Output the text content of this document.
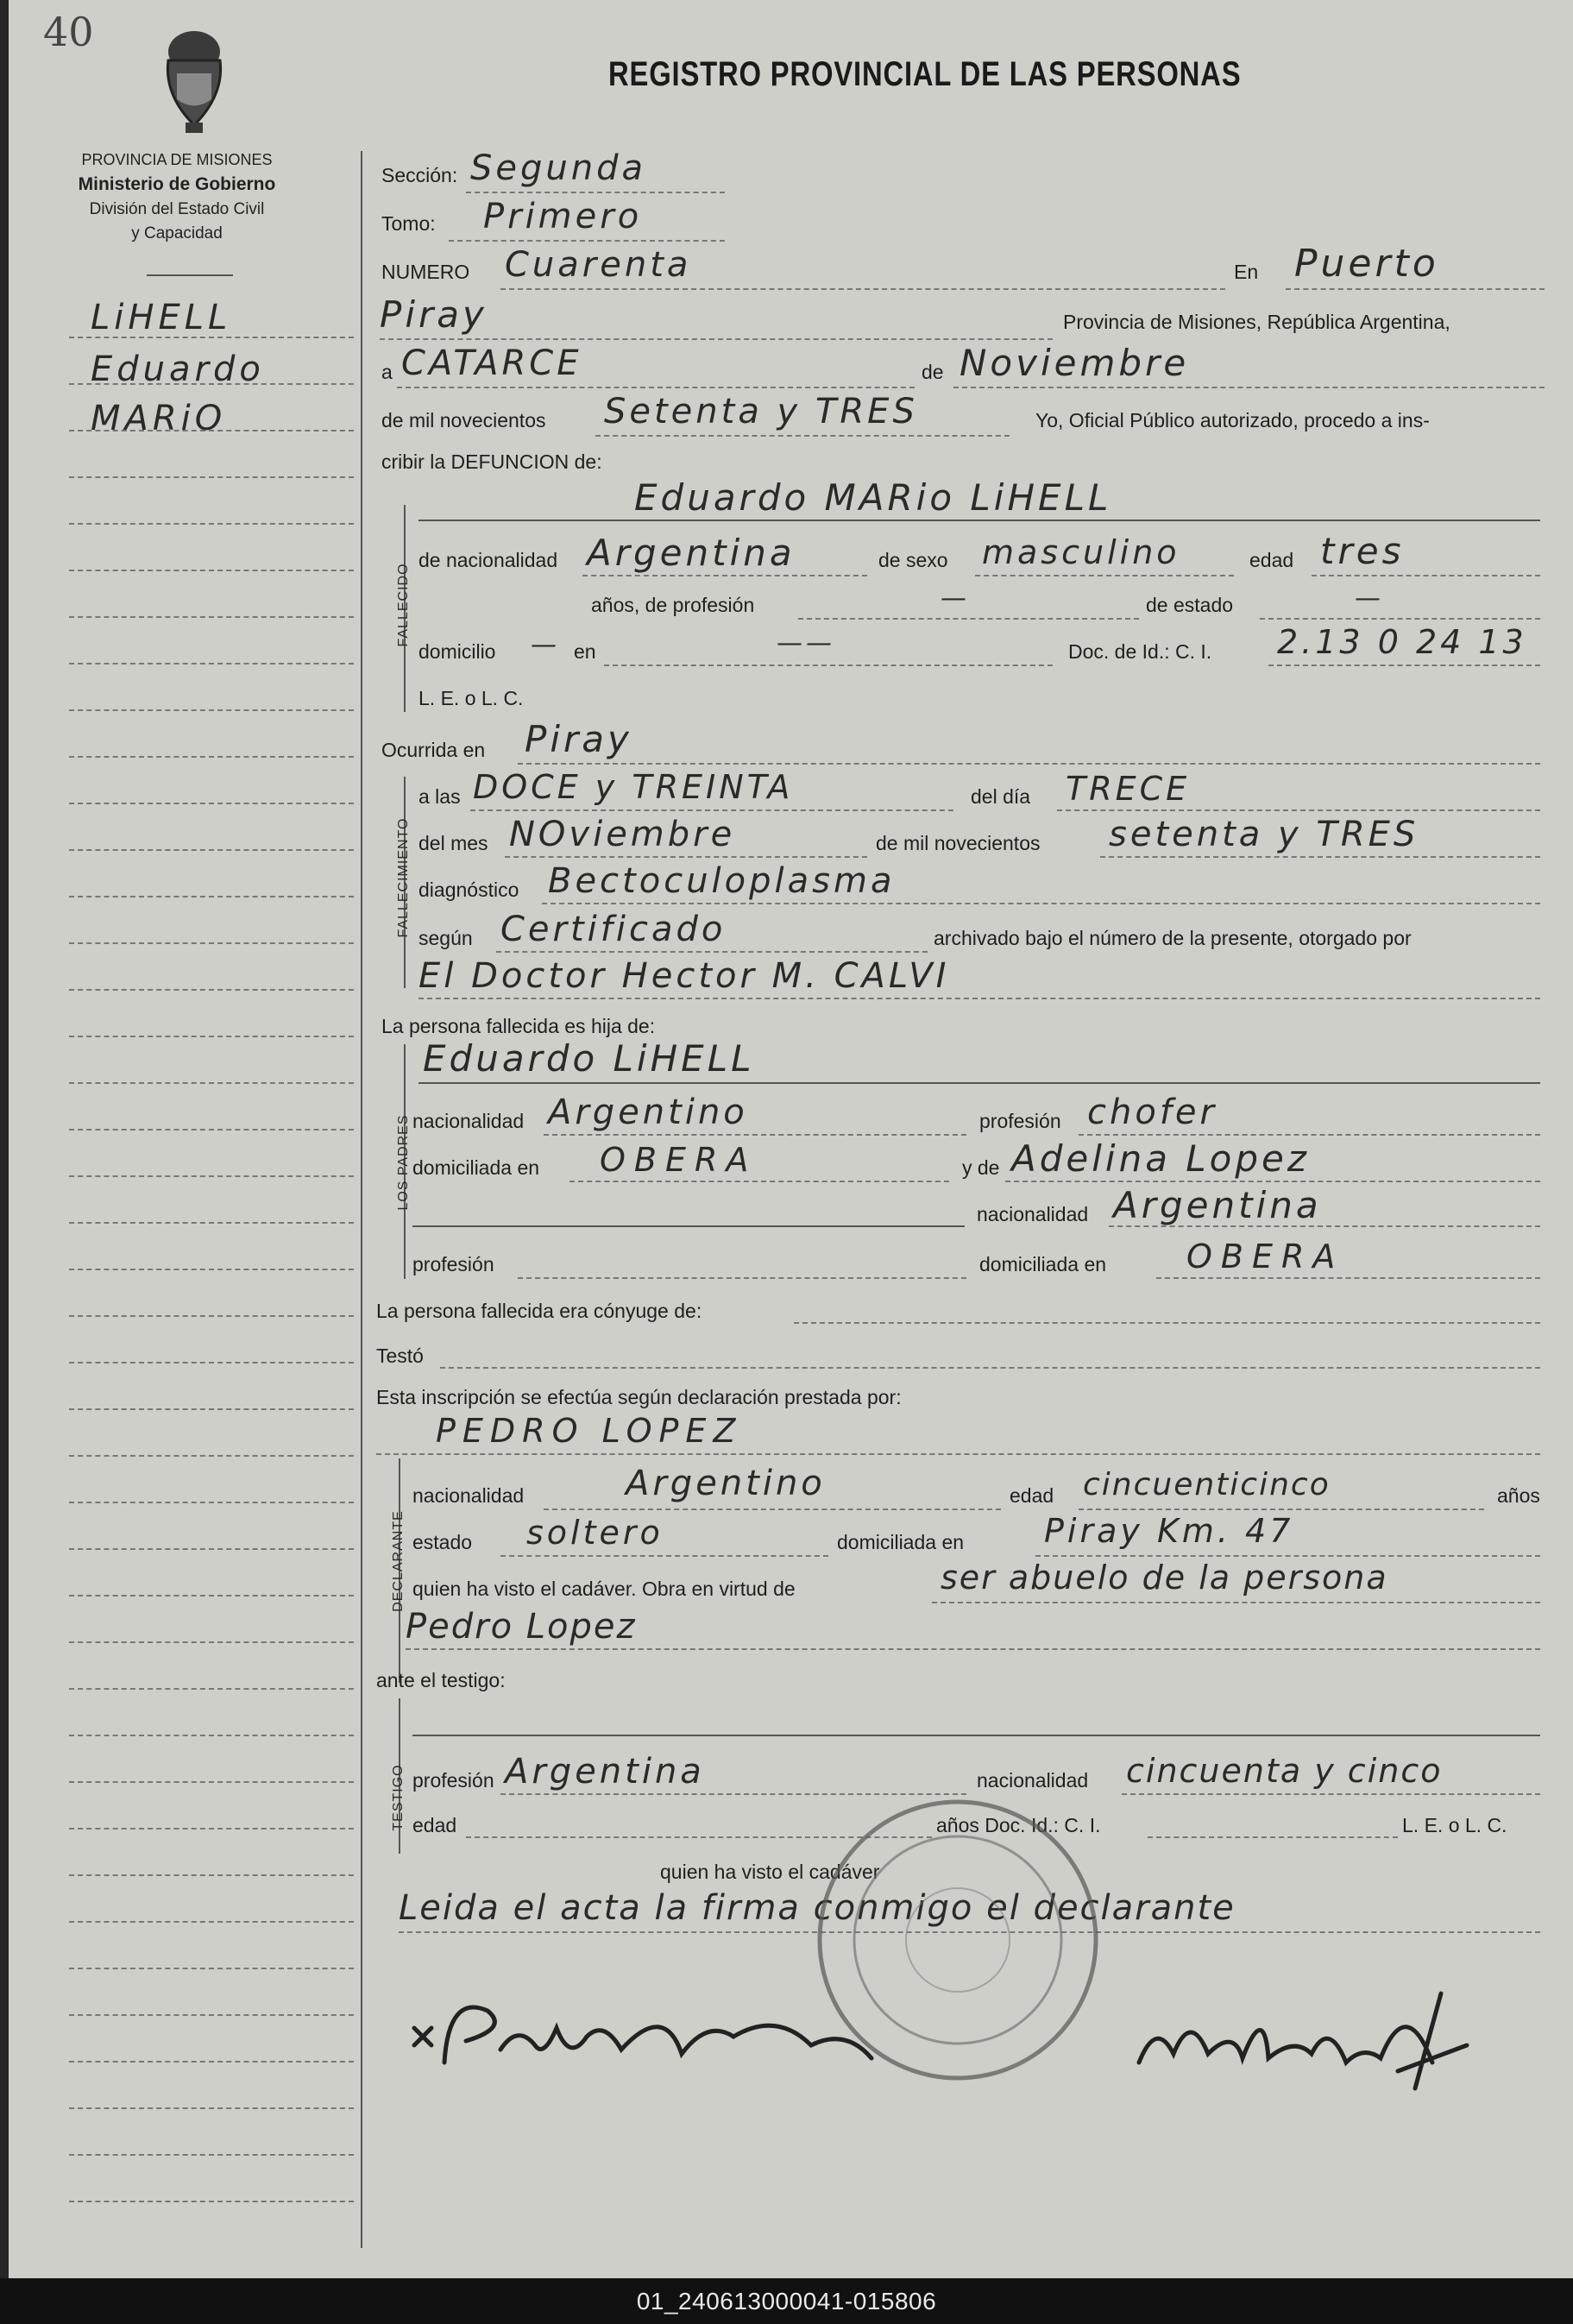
40
PROVINCIA DE MISIONES
Ministerio de Gobierno
División del Estado Civil
y Capacidad
REGISTRO PROVINCIAL DE LAS PERSONAS
LiHELL
Eduardo
MARiO
Sección: Segunda
Tomo: Primero
NUMERO Cuarenta	En Puerto
Piray	Provincia de Misiones, República Argentina,
a CATARCE	de Noviembre
de mil novecientos Setenta y TRES	Yo, Oficial Público autorizado, procedo a ins-
cribir la DEFUNCION de:
FALLECIDO
Eduardo MARio LiHELL
de nacionalidad Argentina	de sexo masculino	edad tres
años, de profesión	—	de estado	—
domicilio — en	——	Doc. de Id.: C. I. 2.13 0 24 13
L. E. o L. C.
Ocurrida en Piray
FALLECIMIENTO
a las DOCE y TREINTA	del día TRECE
del mes NOviembre	de mil novecientos setenta y TRES
diagnóstico Bectoculoplasma
según Certificado	archivado bajo el número de la presente, otorgado por
El Doctor Hector M. CALVI
La persona fallecida es hija de:
LOS PADRES
Eduardo LiHELL
nacionalidad Argentino	profesión chofer
domiciliada en OBERA	y de Adelina Lopez
nacionalidad Argentina
profesión	domiciliada en OBERA
La persona fallecida era cónyuge de:
Testó
Esta inscripción se efectúa según declaración prestada por:
PEDRO LOPEZ
DECLARANTE
nacionalidad	Argentino	edad cincuenticinco	años
estado soltero	domiciliada en Piray Km. 47
quien ha visto el cadáver. Obra en virtud de	ser abuelo de la persona
Pedro Lopez
ante el testigo:
TESTIGO profesión Argentina	nacionalidad cincuenta y cinco
edad	años Doc. Id.: C. I.	L. E. o L. C.
quien ha visto el cadáver
Leida el acta la firma conmigo el declarante
01_240613000041-015806
